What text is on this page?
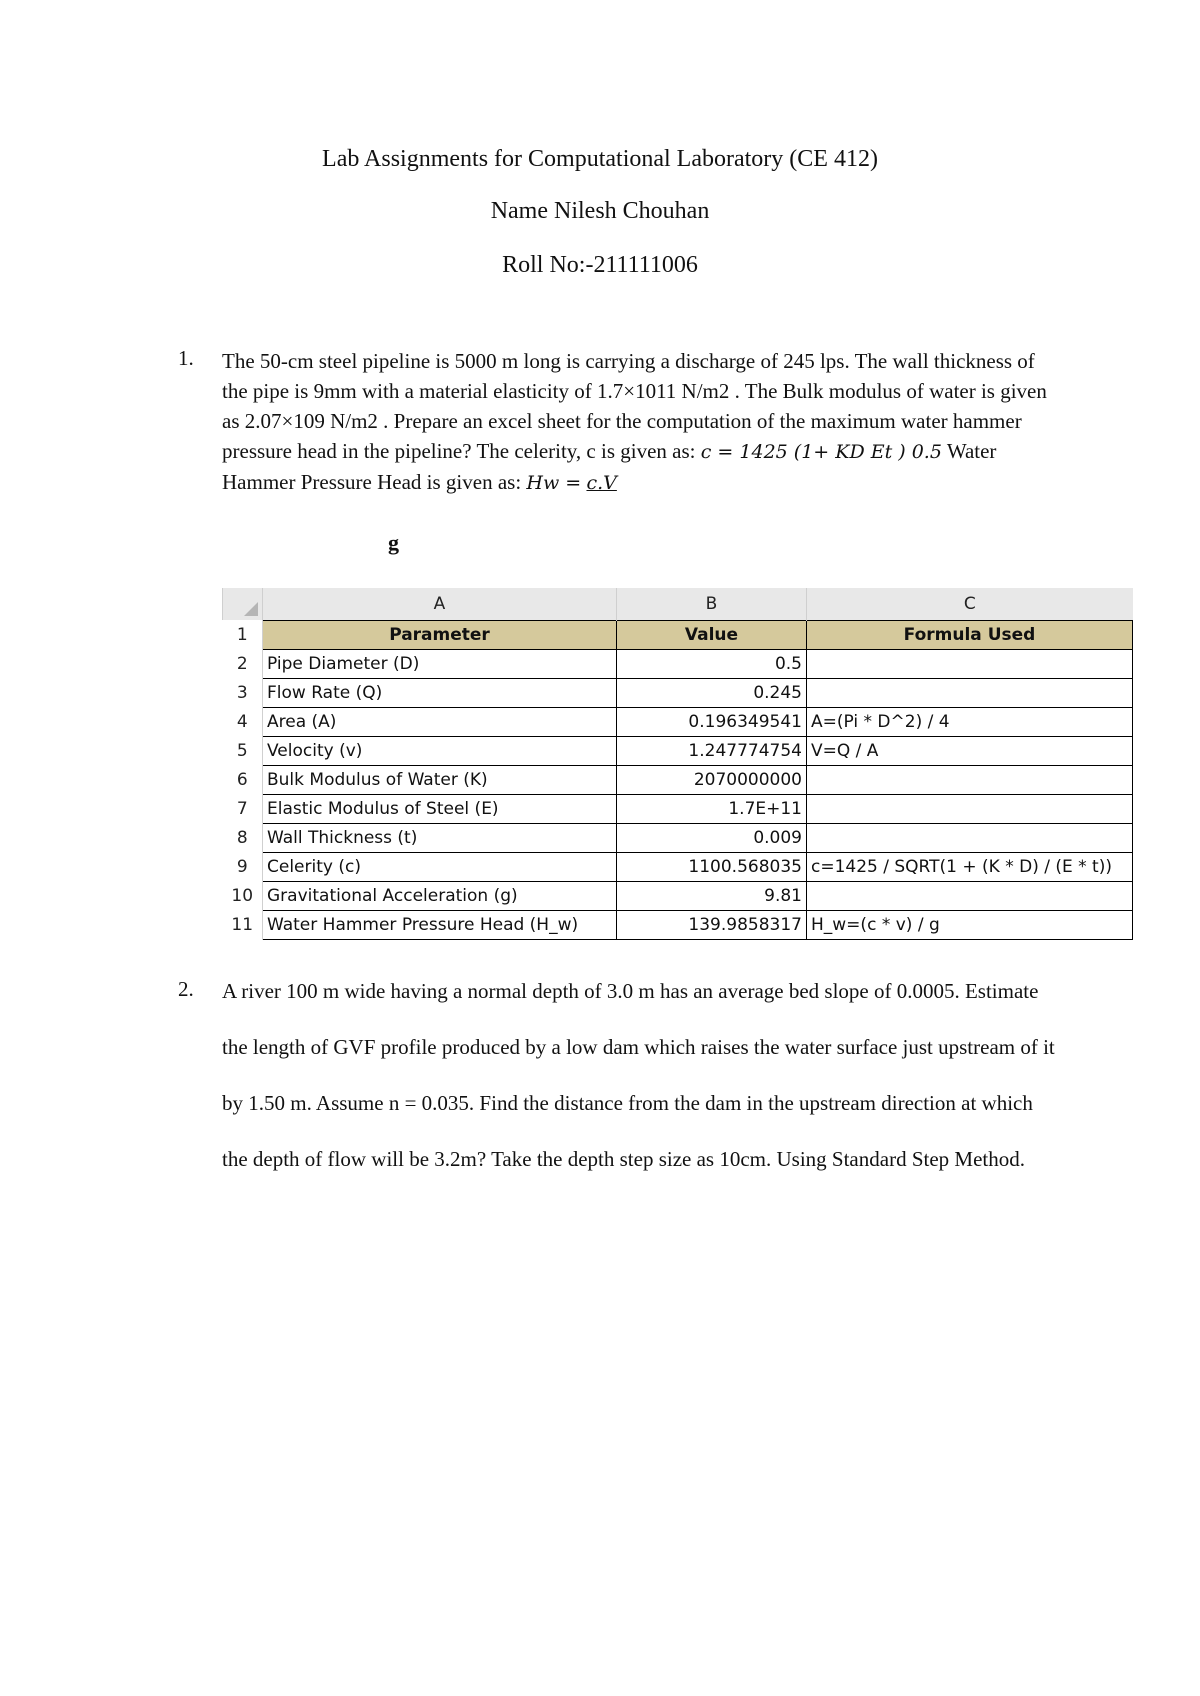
Lab Assignments for Computational Laboratory (CE 412)
Name Nilesh Chouhan
Roll No:-211111006
1. The 50-cm steel pipeline is 5000 m long is carrying a discharge of 245 lps. The wall thickness of the pipe is 9mm with a material elasticity of 1.7×1011 N/m2 . The Bulk modulus of water is given as 2.07×109 N/m2 . Prepare an excel sheet for the computation of the maximum water hammer pressure head in the pipeline? The celerity, c is given as: c = 1425 (1+ KD Et ) 0.5 Water Hammer Pressure Head is given as: Hw = c.V
g
	A	B	C
1	Parameter	Value	Formula Used
2	Pipe Diameter (D)	0.5	
3	Flow Rate (Q)	0.245	
4	Area (A)	0.196349541	A=(Pi * D^2) / 4
5	Velocity (v)	1.247774754	V=Q / A
6	Bulk Modulus of Water (K)	2070000000	
7	Elastic Modulus of Steel (E)	1.7E+11	
8	Wall Thickness (t)	0.009	
9	Celerity (c)	1100.568035	c=1425 / SQRT(1 + (K * D) / (E * t))
10	Gravitational Acceleration (g)	9.81	
11	Water Hammer Pressure Head (H_w)	139.9858317	H_w=(c * v) / g
2. A river 100 m wide having a normal depth of 3.0 m has an average bed slope of 0.0005. Estimate the length of GVF profile produced by a low dam which raises the water surface just upstream of it by 1.50 m. Assume n = 0.035. Find the distance from the dam in the upstream direction at which the depth of flow will be 3.2m? Take the depth step size as 10cm. Using Standard Step Method.
